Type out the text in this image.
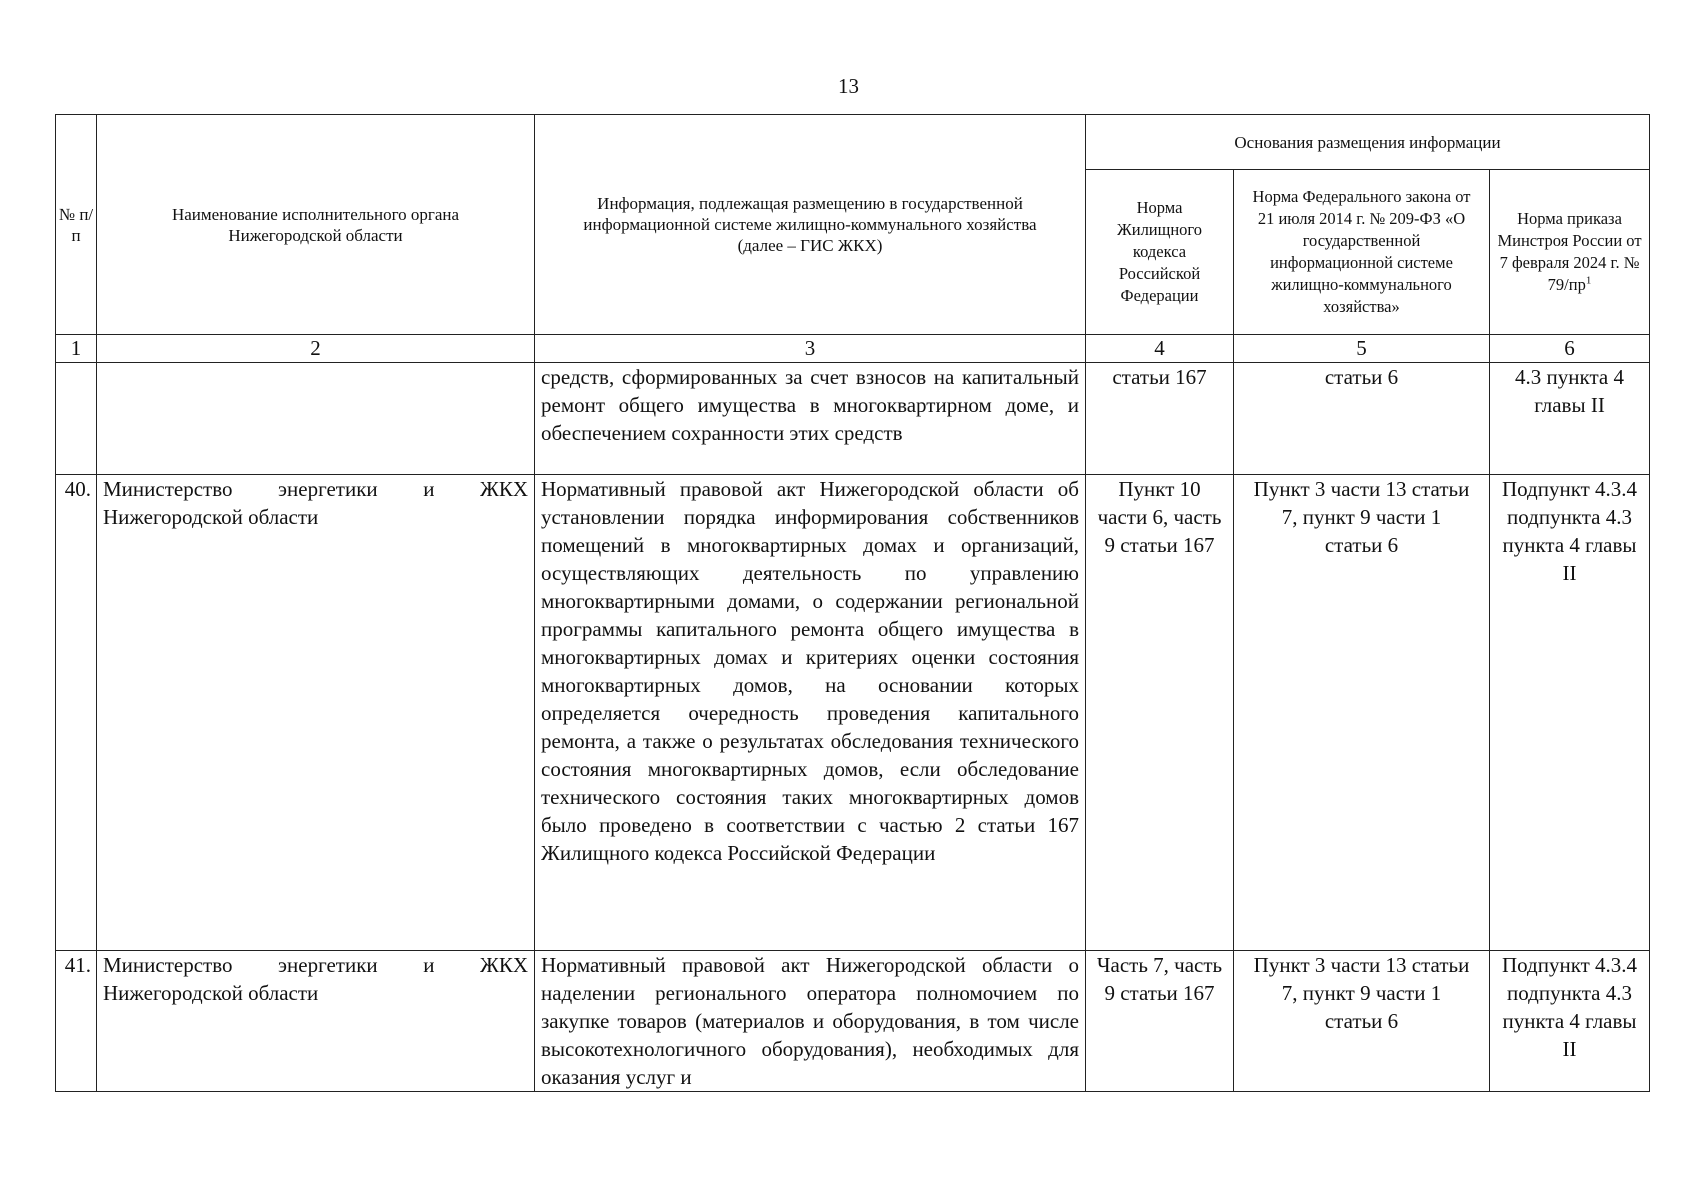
13
№ п/п	Наименование исполнительного органа Нижегородской области	Информация, подлежащая размещению в государственной информационной системе жилищно-коммунального хозяйства (далее – ГИС ЖКХ)	Основания размещения информации		
			Норма Жилищного кодекса Российской Федерации	Норма Федерального закона от 21 июля 2014 г. № 209-ФЗ «О государственной информационной системе жилищно-коммунального хозяйства»	Норма приказа Минстроя России от 7 февраля 2024 г. № $79/пр^1$
1	2	3	4	5	6
		средств, сформированных за счет взносов на капитальный ремонт общего имущества в многоквартирном доме, и обеспечением сохранности этих средств	статьи 167	статьи 6	4.3 пункта 4 главы II
40.	Министерство энергетики и ЖКХ Нижегородской области	Нормативный правовой акт Нижегородской области об установлении порядка информирования собственников помещений в многоквартирных домах и организаций, осуществляющих деятельность по управлению многоквартирными домами, о содержании региональной программы капитального ремонта общего имущества в многоквартирных домах и критериях оценки состояния многоквартирных домов, на основании которых определяется очередность проведения капитального ремонта, а также о результатах обследования технического состояния многоквартирных домов, если обследование технического состояния таких многоквартирных домов было проведено в соответствии с частью 2 статьи 167 Жилищного кодекса Российской Федерации	Пункт 10 части 6, часть 9 статьи 167	Пункт 3 части 13 статьи 7, пункт 9 части 1 статьи 6	Подпункт 4.3.4 подпункта 4.3 пункта 4 главы II
41.	Министерство энергетики и ЖКХ Нижегородской области	Нормативный правовой акт Нижегородской области о наделении регионального оператора полномочием по закупке товаров (материалов и оборудования, в том числе высокотехнологичного оборудования), необходимых для оказания услуг и	Часть 7, часть 9 статьи 167	Пункт 3 части 13 статьи 7, пункт 9 части 1 статьи 6	Подпункт 4.3.4 подпункта 4.3 пункта 4 главы II
